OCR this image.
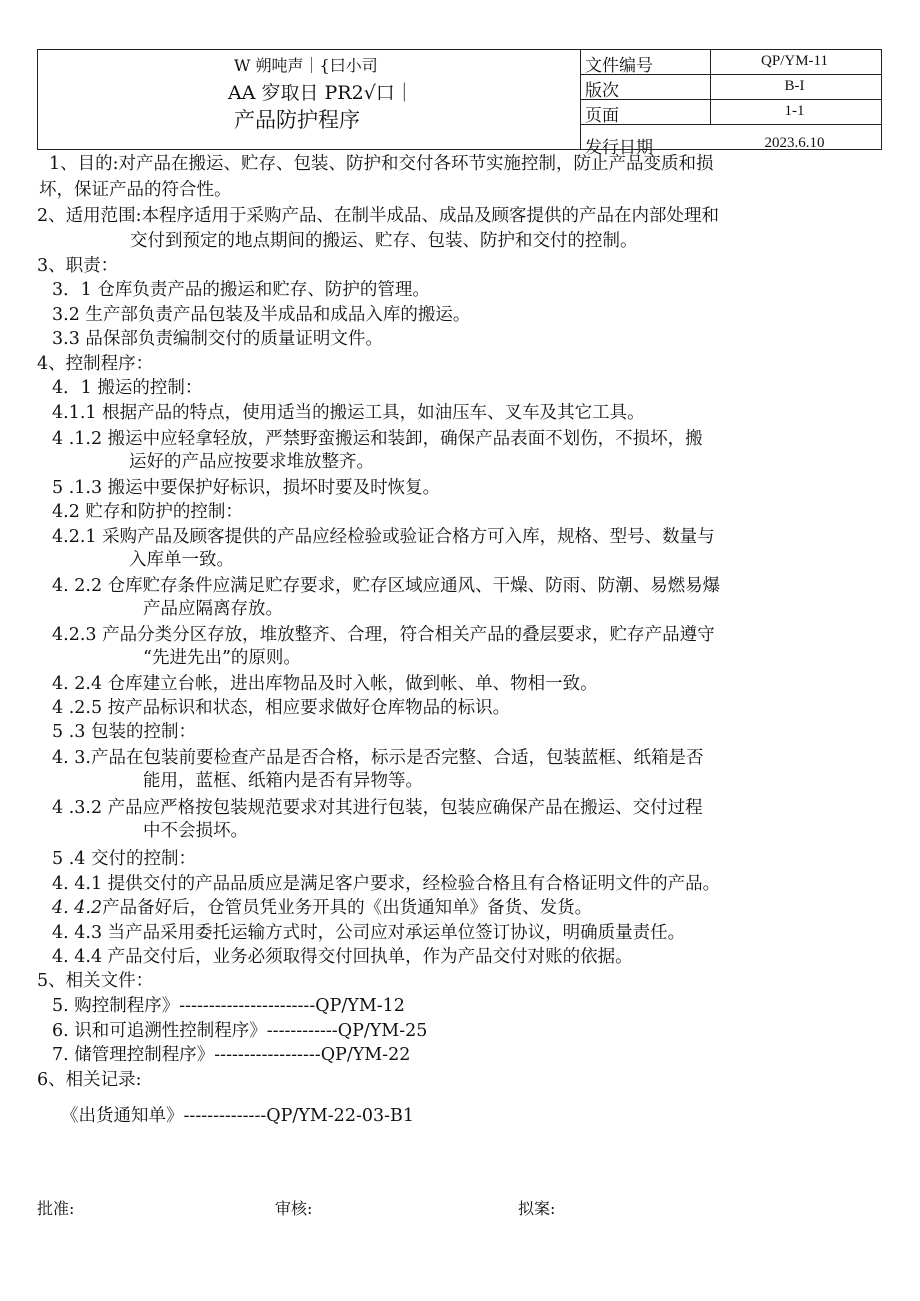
W 朔吨声｜{曰小司
AA 穸取日 PR2√口｜
产品防护程序
文件编号	QP/YM-11
版次	B-I
页面	1-1
发行日期	2023.6.10
1、目的:对产品在搬运、贮存、包装、防护和交付各环节实施控制，防止产品变质和损
坏，保证产品的符合性。
2、适用范围:本程序适用于采购产品、在制半成品、成品及顾客提供的产品在内部处理和
交付到预定的地点期间的搬运、贮存、包装、防护和交付的控制。
3、职责：
3．1 仓库负责产品的搬运和贮存、防护的管理。
3.2 生产部负责产品包装及半成品和成品入库的搬运。
3.3 品保部负责编制交付的质量证明文件。
4、控制程序：
4．1 搬运的控制：
4.1.1 根据产品的特点，使用适当的搬运工具，如油压车、叉车及其它工具。
4 .1.2 搬运中应轻拿轻放，严禁野蛮搬运和装卸，确保产品表面不划伤，不损坏，搬
运好的产品应按要求堆放整齐。
5 .1.3 搬运中要保护好标识，损坏时要及时恢复。
4.2 贮存和防护的控制：
4.2.1 采购产品及顾客提供的产品应经检验或验证合格方可入库，规格、型号、数量与
入库单一致。
4. 2.2 仓库贮存条件应满足贮存要求，贮存区域应通风、干燥、防雨、防潮、易燃易爆
产品应隔离存放。
4.2.3 产品分类分区存放，堆放整齐、合理，符合相关产品的叠层要求，贮存产品遵守
“先进先出”的原则。
4. 2.4 仓库建立台帐，进出库物品及时入帐，做到帐、单、物相一致。
4 .2.5 按产品标识和状态，相应要求做好仓库物品的标识。
5 .3 包装的控制：
4. 3.产品在包装前要检查产品是否合格，标示是否完整、合适，包装蓝框、纸箱是否
能用，蓝框、纸箱内是否有异物等。
4 .3.2 产品应严格按包装规范要求对其进行包装，包装应确保产品在搬运、交付过程
中不会损坏。
5 .4 交付的控制：
4. 4.1 提供交付的产品品质应是满足客户要求，经检验合格且有合格证明文件的产品。
4. 4.2产品备好后，仓管员凭业务开具的《出货通知单》备货、发货。
4. 4.3 当产品采用委托运输方式时，公司应对承运单位签订协议，明确质量责任。
4. 4.4 产品交付后，业务必须取得交付回执单，作为产品交付对账的依据。
5、相关文件：
5. 购控制程序》-----------------------QP/YM-12
6. 识和可追溯性控制程序》------------QP/YM-25
7. 储管理控制程序》------------------QP/YM-22
6、相关记录:
《出货通知单》--------------QP/YM-22-03-B1
批准:	审核:	拟案:
